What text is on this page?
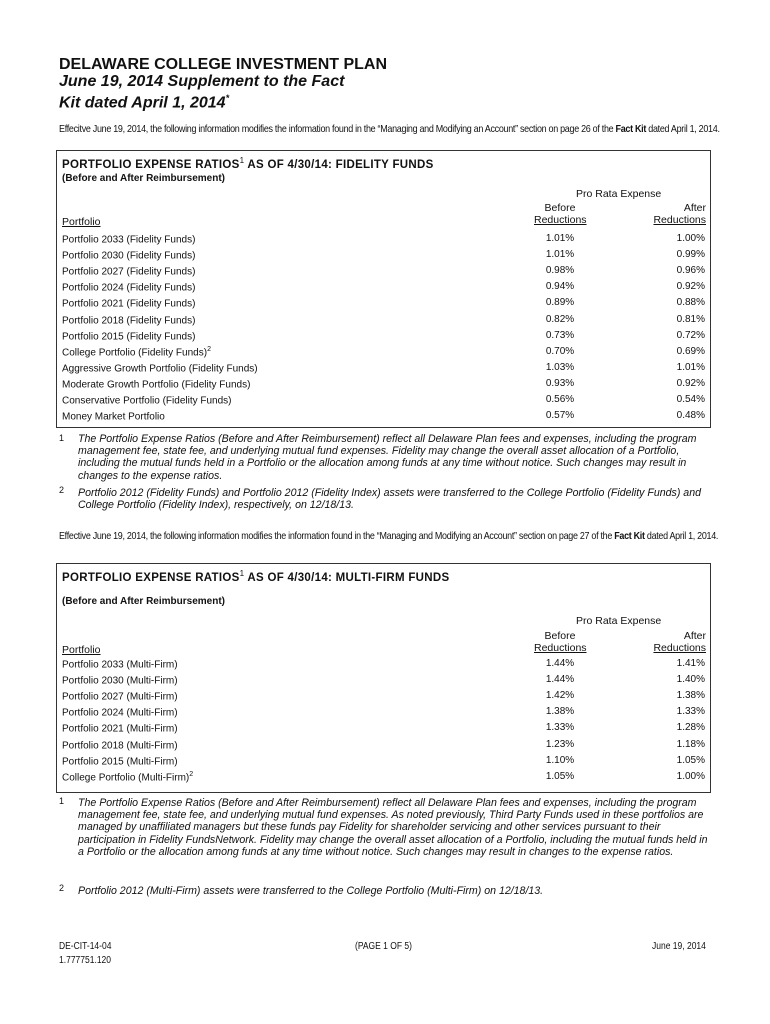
DELAWARE COLLEGE INVESTMENT PLAN
June 19, 2014 Supplement to the Fact
Kit dated April 1, 2014*
Effecitve June 19, 2014, the following information modifies the information found in the “Managing and Modifying an Account” section on page 26 of the Fact Kit dated April 1, 2014.
PORTFOLIO EXPENSE RATIOS$^1$ AS OF 4/30/14: FIDELITY FUNDS
(Before and After Reimbursement)
Pro Rata Expense
Before
Reductions
After
Reductions
Portfolio
Portfolio 2033 (Fidelity Funds)	1.01%	1.00%
Portfolio 2030 (Fidelity Funds)	1.01%	0.99%
Portfolio 2027 (Fidelity Funds)	0.98%	0.96%
Portfolio 2024 (Fidelity Funds)	0.94%	0.92%
Portfolio 2021 (Fidelity Funds)	0.89%	0.88%
Portfolio 2018 (Fidelity Funds)	0.82%	0.81%
Portfolio 2015 (Fidelity Funds)	0.73%	0.72%
College Portfolio (Fidelity Funds)$^2$	0.70%	0.69%
Aggressive Growth Portfolio (Fidelity Funds)	1.03%	1.01%
Moderate Growth Portfolio (Fidelity Funds)	0.93%	0.92%
Conservative Portfolio (Fidelity Funds)	0.56%	0.54%
Money Market Portfolio	0.57%	0.48%
1 The Portfolio Expense Ratios (Before and After Reimbursement) reflect all Delaware Plan fees and expenses, including the program management fee, state fee, and underlying mutual fund expenses. Fidelity may change the overall asset allocation of a Portfolio, including the mutual funds held in a Portfolio or the allocation among funds at any time without notice. Such changes may result in changes to the expense ratios.
2 Portfolio 2012 (Fidelity Funds) and Portfolio 2012 (Fidelity Index) assets were transferred to the College Portfolio (Fidelity Funds) and College Portfolio (Fidelity Index), respectively, on 12/18/13.
Effective June 19, 2014, the following information modifies the information found in the “Managing and Modifying an Account” section on page 27 of the Fact Kit dated April 1, 2014.
PORTFOLIO EXPENSE RATIOS$^1$ AS OF 4/30/14: MULTI-FIRM FUNDS
(Before and After Reimbursement)
Pro Rata Expense
Before
Reductions
After
Reductions
Portfolio
Portfolio 2033 (Multi-Firm)	1.44%	1.41%
Portfolio 2030 (Multi-Firm)	1.44%	1.40%
Portfolio 2027 (Multi-Firm)	1.42%	1.38%
Portfolio 2024 (Multi-Firm)	1.38%	1.33%
Portfolio 2021 (Multi-Firm)	1.33%	1.28%
Portfolio 2018 (Multi-Firm)	1.23%	1.18%
Portfolio 2015 (Multi-Firm)	1.10%	1.05%
College Portfolio (Multi-Firm)$^2$	1.05%	1.00%
1 The Portfolio Expense Ratios (Before and After Reimbursement) reflect all Delaware Plan fees and expenses, including the program management fee, state fee, and underlying mutual fund expenses. As noted previously, Third Party Funds used in these portfolios are managed by unaffiliated managers but these funds pay Fidelity for shareholder servicing and other services pursuant to their participation in Fidelity FundsNetwork. Fidelity may change the overall asset allocation of a Portfolio, including the mutual funds held in a Portfolio or the allocation among funds at any time without notice. Such changes may result in changes to the expense ratios.
2 Portfolio 2012 (Multi-Firm) assets were transferred to the College Portfolio (Multi-Firm) on 12/18/13.
DE-CIT-14-04
1.777751.120
(PAGE 1 OF 5)	June 19, 2014
